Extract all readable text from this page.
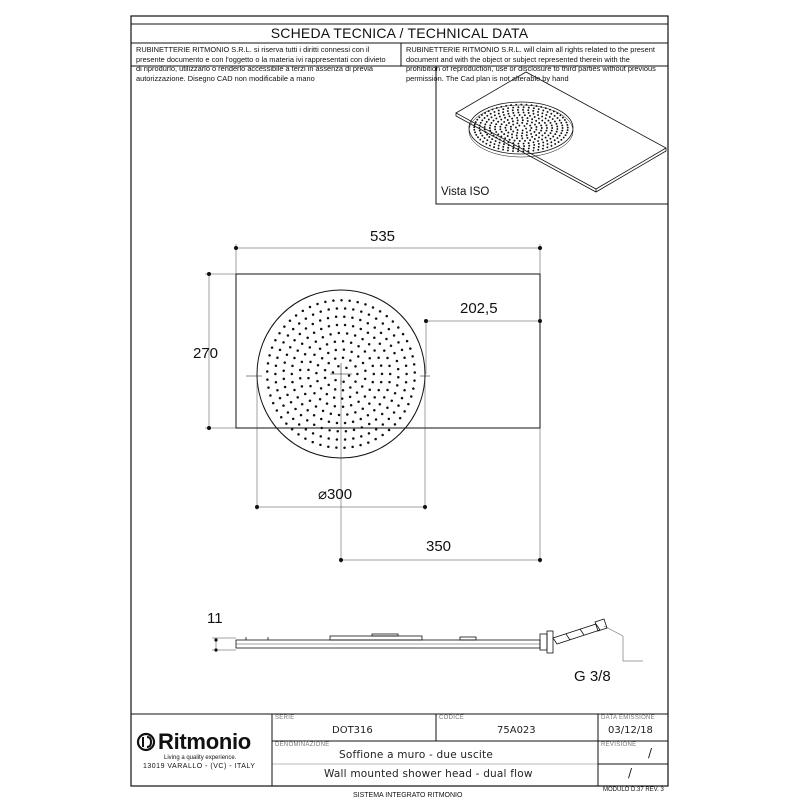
SCHEDA TECNICA / TECHNICAL DATA
RUBINETTERIE RITMONIO S.R.L. si riserva tutti i diritti connessi con il
presente documento e con l'oggetto o la materia ivi rappresentati con divieto
di riprodurlo, utilizzarlo o renderlo accessibile a terzi in assenza di previa
autorizzazione. Disegno CAD non modificabile a mano
RUBINETTERIE RITMONIO S.R.L. will claim all rights related to the present
document and with the object or subject represented therein with the
prohibition of reproduction, use or disclosure to third parties without previous
permission. The Cad plan is not alterable by hand
Vista ISO
535
270
202,5
⌀300
350
11
G 3/8
Ritmonio
Living a quality experience.
13019 VARALLO - (VC) - ITALY
SERIE
DOT316
CODICE
75A023
DATA EMISSIONE
03/12/18
DENOMINAZIONE
Soffione a muro - due uscite
Wall mounted shower head - dual flow
REVISIONE
/
/
MODULO D.37 REV. 3
SISTEMA INTEGRATO RITMONIO
